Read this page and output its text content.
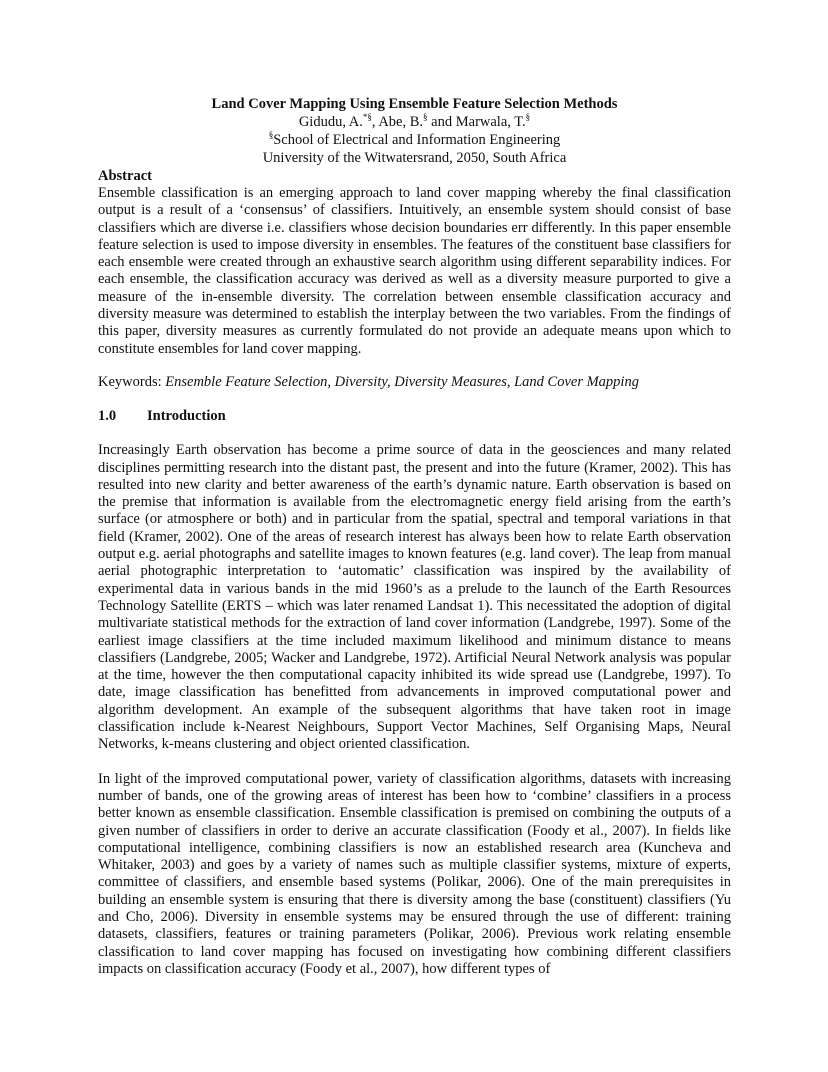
Land Cover Mapping Using Ensemble Feature Selection Methods
Gidudu, A.*§, Abe, B.§ and Marwala, T.§
§School of Electrical and Information Engineering
University of the Witwatersrand, 2050, South Africa
Abstract

Ensemble classification is an emerging approach to land cover mapping whereby the final classification output is a result of a ‘consensus’ of classifiers. Intuitively, an ensemble system should consist of base classifiers which are diverse i.e. classifiers whose decision boundaries err differently. In this paper ensemble feature selection is used to impose diversity in ensembles. The features of the constituent base classifiers for each ensemble were created through an exhaustive search algorithm using different separability indices. For each ensemble, the classification accuracy was derived as well as a diversity measure purported to give a measure of the in-ensemble diversity. The correlation between ensemble classification accuracy and diversity measure was determined to establish the interplay between the two variables. From the findings of this paper, diversity measures as currently formulated do not provide an adequate means upon which to constitute ensembles for land cover mapping.

Keywords: Ensemble Feature Selection, Diversity, Diversity Measures, Land Cover Mapping

1.0 Introduction

Increasingly Earth observation has become a prime source of data in the geosciences and many related disciplines permitting research into the distant past, the present and into the future (Kramer, 2002). This has resulted into new clarity and better awareness of the earth’s dynamic nature. Earth observation is based on the premise that information is available from the electromagnetic energy field arising from the earth’s surface (or atmosphere or both) and in particular from the spatial, spectral and temporal variations in that field (Kramer, 2002). One of the areas of research interest has always been how to relate Earth observation output e.g. aerial photographs and satellite images to known features (e.g. land cover). The leap from manual aerial photographic interpretation to ‘automatic’ classification was inspired by the availability of experimental data in various bands in the mid 1960’s as a prelude to the launch of the Earth Resources Technology Satellite (ERTS – which was later renamed Landsat 1). This necessitated the adoption of digital multivariate statistical methods for the extraction of land cover information (Landgrebe, 1997). Some of the earliest image classifiers at the time included maximum likelihood and minimum distance to means classifiers (Landgrebe, 2005; Wacker and Landgrebe, 1972). Artificial Neural Network analysis was popular at the time, however the then computational capacity inhibited its wide spread use (Landgrebe, 1997). To date, image classification has benefitted from advancements in improved computational power and algorithm development. An example of the subsequent algorithms that have taken root in image classification include k-Nearest Neighbours, Support Vector Machines, Self Organising Maps, Neural Networks, k-means clustering and object oriented classification.

In light of the improved computational power, variety of classification algorithms, datasets with increasing number of bands, one of the growing areas of interest has been how to ‘combine’ classifiers in a process better known as ensemble classification. Ensemble classification is premised on combining the outputs of a given number of classifiers in order to derive an accurate classification (Foody et al., 2007). In fields like computational intelligence, combining classifiers is now an established research area (Kuncheva and Whitaker, 2003) and goes by a variety of names such as multiple classifier systems, mixture of experts, committee of classifiers, and ensemble based systems (Polikar, 2006). One of the main prerequisites in building an ensemble system is ensuring that there is diversity among the base (constituent) classifiers (Yu and Cho, 2006). Diversity in ensemble systems may be ensured through the use of different: training datasets, classifiers, features or training parameters (Polikar, 2006). Previous work relating ensemble classification to land cover mapping has focused on investigating how combining different classifiers impacts on classification accuracy (Foody et al., 2007), how different types of
